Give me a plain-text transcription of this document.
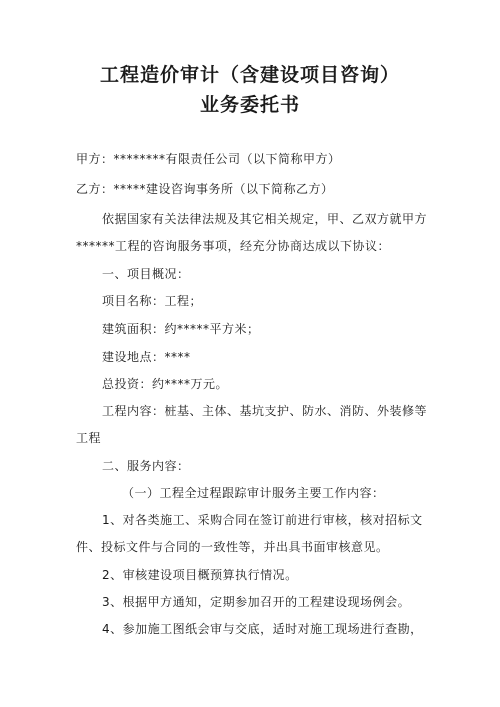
工程造价审计（含建设项目咨询）
业务委托书
甲方：********有限责任公司（以下简称甲方）
乙方：*****建设咨询事务所（以下简称乙方）
依据国家有关法律法规及其它相关规定，甲、乙双方就甲方
******工程的咨询服务事项，经充分协商达成以下协议：
一、项目概况：
项目名称：工程；
建筑面积：约*****平方米；
建设地点：****
总投资：约****万元。
工程内容：桩基、主体、基坑支护、防水、消防、外装修等
工程
二、服务内容：
（一）工程全过程跟踪审计服务主要工作内容：
1、对各类施工、采购合同在签订前进行审核，核对招标文
件、投标文件与合同的一致性等，并出具书面审核意见。
2、审核建设项目概预算执行情况。
3、根据甲方通知，定期参加召开的工程建设现场例会。
4、参加施工图纸会审与交底，适时对施工现场进行查勘，
